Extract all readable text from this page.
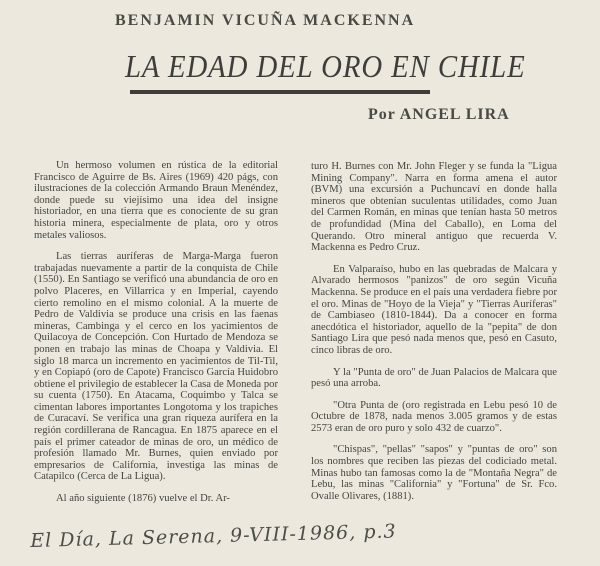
BENJAMIN VICUÑA MACKENNA
LA EDAD DEL ORO EN CHILE
Por ANGEL LIRA

Un hermoso volumen en rústica de la editorial Francisco de Aguirre de Bs. Aires (1969) 420 págs, con ilustraciones de la colección Armando Braun Menéndez, donde puede su viejísimo una idea del insigne historiador, en una tierra que es conociente de su gran historia minera, especialmente de plata, oro y otros metales valiosos.

Las tierras auríferas de Marga-Marga fueron trabajadas nuevamente a partir de la conquista de Chile (1550). En Santiago se verificó una abundancia de oro en polvo Placeres, en Villarrica y en Imperial, cayendo cierto remolino en el mismo colonial. A la muerte de Pedro de Valdivia se produce una crisis en las faenas mineras, Cambinga y el cerco en los yacimientos de Quilacoya de Concepción. Con Hurtado de Mendoza se ponen en trabajo las minas de Choapa y Valdivia. El siglo 18 marca un incremento en yacimientos de Til-Til, y en Copiapó (oro de Capote) Francisco García Huidobro obtiene el privilegio de establecer la Casa de Moneda por su cuenta (1750). En Atacama, Coquimbo y Talca se cimentan labores importantes Longotoma y los trapiches de Curacaví. Se verifica una gran riqueza aurífera en la región cordillerana de Rancagua. En 1875 aparece en el país el primer cateador de minas de oro, un médico de profesión llamado Mr. Burnes, quien enviado por empresarios de California, investiga las minas de Catapilco (Cerca de La Ligua).

Al año siguiente (1876) vuelve el Dr. Ar-

turo H. Burnes con Mr. John Fleger y se funda la "Ligua Mining Company". Narra en forma amena el autor (BVM) una excursión a Puchuncaví en donde halla mineros que obtenían suculentas utilidades, como Juan del Carmen Román, en minas que tenían hasta 50 metros de profundidad (Mina del Caballo), en Loma del Querando. Otro mineral antiguo que recuerda V. Mackenna es Pedro Cruz.

En Valparaíso, hubo en las quebradas de Malcara y Alvarado hermosos "panizos" de oro según Vicuña Mackenna. Se produce en el país una verdadera fiebre por el oro. Minas de "Hoyo de la Vieja" y "Tierras Auríferas" de Cambiaseo (1810-1844). Da a conocer en forma anecdótica el historiador, aquello de la "pepita" de don Santiago Lira que pesó nada menos que, pesó en Casuto, cinco libras de oro.

Y la "Punta de oro" de Juan Palacios de Malcara que pesó una arroba.

"Otra Punta de (oro registrada en Lebu pesó 10 de Octubre de 1878, nada menos 3.005 gramos y de estas 2573 eran de oro puro y solo 432 de cuarzo".

"Chispas", "pellas" "sapos" y "puntas de oro" son los nombres que reciben las piezas del codiciado metal. Minas hubo tan famosas como la de "Montaña Negra" de Lebu, las minas "California" y "Fortuna" de Sr. Fco. Ovalle Olivares, (1881).

El Día, La Serena, 9-VIII-1986, p.3
